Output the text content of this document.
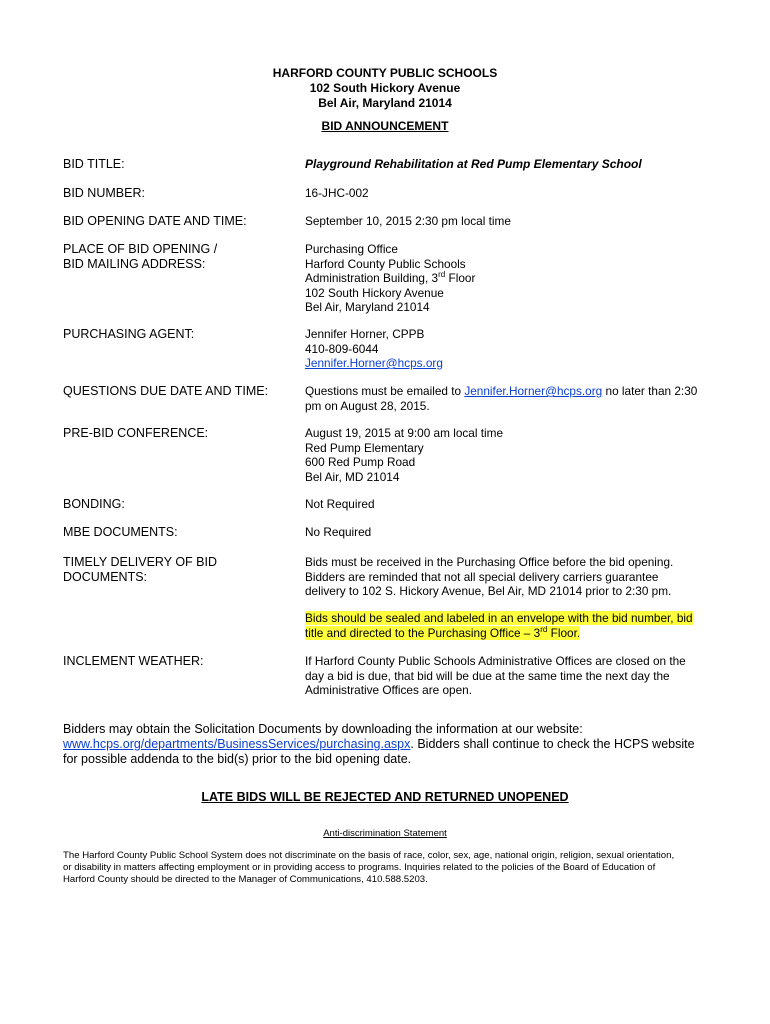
HARFORD COUNTY PUBLIC SCHOOLS
102 South Hickory Avenue
Bel Air, Maryland 21014
BID ANNOUNCEMENT
BID TITLE:	Playground Rehabilitation at Red Pump Elementary School
BID NUMBER:	16-JHC-002
BID OPENING DATE AND TIME:	September 10, 2015 2:30 pm local time
PLACE OF BID OPENING /
BID MAILING ADDRESS:
Purchasing Office
Harford County Public Schools
Administration Building, 3rd Floor
102 South Hickory Avenue
Bel Air, Maryland 21014
PURCHASING AGENT:	Jennifer Horner, CPPB
410-809-6044
Jennifer.Horner@hcps.org
QUESTIONS DUE DATE AND TIME:	Questions must be emailed to Jennifer.Horner@hcps.org no later than 2:30
pm on August 28, 2015.
PRE-BID CONFERENCE:	August 19, 2015 at 9:00 am local time
Red Pump Elementary
600 Red Pump Road
Bel Air, MD 21014
BONDING:	Not Required
MBE DOCUMENTS:	No Required
TIMELY DELIVERY OF BID
DOCUMENTS:
Bids must be received in the Purchasing Office before the bid opening.
Bidders are reminded that not all special delivery carriers guarantee
delivery to 102 S. Hickory Avenue, Bel Air, MD 21014 prior to 2:30 pm.
Bids should be sealed and labeled in an envelope with the bid number, bid
title and directed to the Purchasing Office – 3rd Floor.
INCLEMENT WEATHER:	If Harford County Public Schools Administrative Offices are closed on the
day a bid is due, that bid will be due at the same time the next day the
Administrative Offices are open.
Bidders may obtain the Solicitation Documents by downloading the information at our website:
www.hcps.org/departments/BusinessServices/purchasing.aspx. Bidders shall continue to check the HCPS website
for possible addenda to the bid(s) prior to the bid opening date.
LATE BIDS WILL BE REJECTED AND RETURNED UNOPENED
Anti-discrimination Statement
The Harford County Public School System does not discriminate on the basis of race, color, sex, age, national origin, religion, sexual orientation,
or disability in matters affecting employment or in providing access to programs. Inquiries related to the policies of the Board of Education of
Harford County should be directed to the Manager of Communications, 410.588.5203.
